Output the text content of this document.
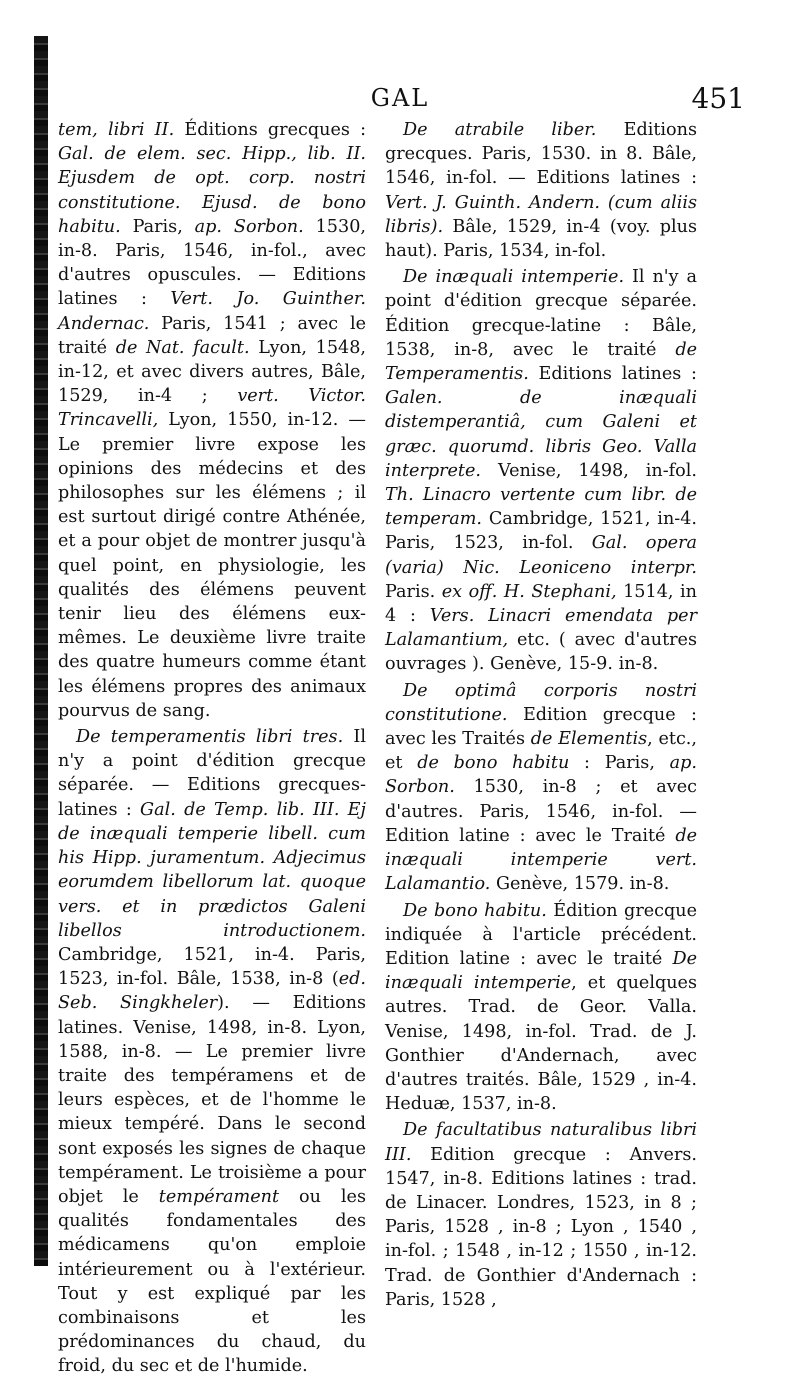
GAL	451

tem, libri II. Éditions grecques : Gal. de elem. sec. Hipp., lib. II. Ejusdem de opt. corp. nostri constitutione. Ejusd. de bono habitu. Paris, ap. Sorbon. 1530, in-8. Paris, 1546, in-fol., avec d'autres opuscules. — Editions latines : Vert. Jo. Guinther. Andernac. Paris, 1541 ; avec le traité de Nat. facult. Lyon, 1548, in-12, et avec divers autres, Bâle, 1529, in-4 ; vert. Victor. Trincavelli, Lyon, 1550, in-12. — Le premier livre expose les opinions des médecins et des philosophes sur les élémens ; il est surtout dirigé contre Athénée, et a pour objet de montrer jusqu'à quel point, en physiologie, les qualités des élémens peuvent tenir lieu des élémens eux-mêmes. Le deuxième livre traite des quatre humeurs comme étant les élémens propres des animaux pourvus de sang.

De temperamentis libri tres. Il n'y a point d'édition grecque séparée. — Editions grecques-latines : Gal. de Temp. lib. III. Ej de inæquali temperie libell. cum his Hipp. juramentum. Adjecimus eorumdem libellorum lat. quoque vers. et in prædictos Galeni libellos introductionem. Cambridge, 1521, in-4. Paris, 1523, in-fol. Bâle, 1538, in-8 (ed. Seb. Singkheler). — Editions latines. Venise, 1498, in-8. Lyon, 1588, in-8. — Le premier livre traite des tempéramens et de leurs espèces, et de l'homme le mieux tempéré. Dans le second sont exposés les signes de chaque tempérament. Le troisième a pour objet le tempérament ou les qualités fondamentales des médicamens qu'on emploie intérieurement ou à l'extérieur. Tout y est expliqué par les combinaisons et les prédominances du chaud, du froid, du sec et de l'humide.

De atrabile liber. Editions grecques. Paris, 1530. in 8. Bâle, 1546, in-fol. — Editions latines : Vert. J. Guinth. Andern. (cum aliis libris). Bâle, 1529, in-4 (voy. plus haut). Paris, 1534, in-fol.

De inæquali intemperie. Il n'y a point d'édition grecque séparée. Édition grecque-latine : Bâle, 1538, in-8, avec le traité de Temperamentis. Editions latines : Galen. de inæquali distemperantiâ, cum Galeni et græc. quorumd. libris Geo. Valla interprete. Venise, 1498, in-fol. Th. Linacro vertente cum libr. de temperam. Cambridge, 1521, in-4. Paris, 1523, in-fol. Gal. opera (varia) Nic. Leoniceno interpr. Paris. ex off. H. Stephani, 1514, in 4 : Vers. Linacri emendata per Lalamantium, etc. ( avec d'autres ouvrages ). Genève, 15-9. in-8.

De optimâ corporis nostri constitutione. Edition grecque : avec les Traités de Elementis, etc., et de bono habitu : Paris, ap. Sorbon. 1530, in-8 ; et avec d'autres. Paris, 1546, in-fol. — Edition latine : avec le Traité de inæquali intemperie vert. Lalamantio. Genève, 1579. in-8.

De bono habitu. Édition grecque indiquée à l'article précédent. Edition latine : avec le traité De inæquali intemperie, et quelques autres. Trad. de Geor. Valla. Venise, 1498, in-fol. Trad. de J. Gonthier d'Andernach, avec d'autres traités. Bâle, 1529 , in-4. Heduæ, 1537, in-8.

De facultatibus naturalibus libri III. Edition grecque : Anvers. 1547, in-8. Editions latines : trad. de Linacer. Londres, 1523, in 8 ; Paris, 1528 , in-8 ; Lyon , 1540 , in-fol. ; 1548 , in-12 ; 1550 , in-12. Trad. de Gonthier d'Andernach : Paris, 1528 ,
